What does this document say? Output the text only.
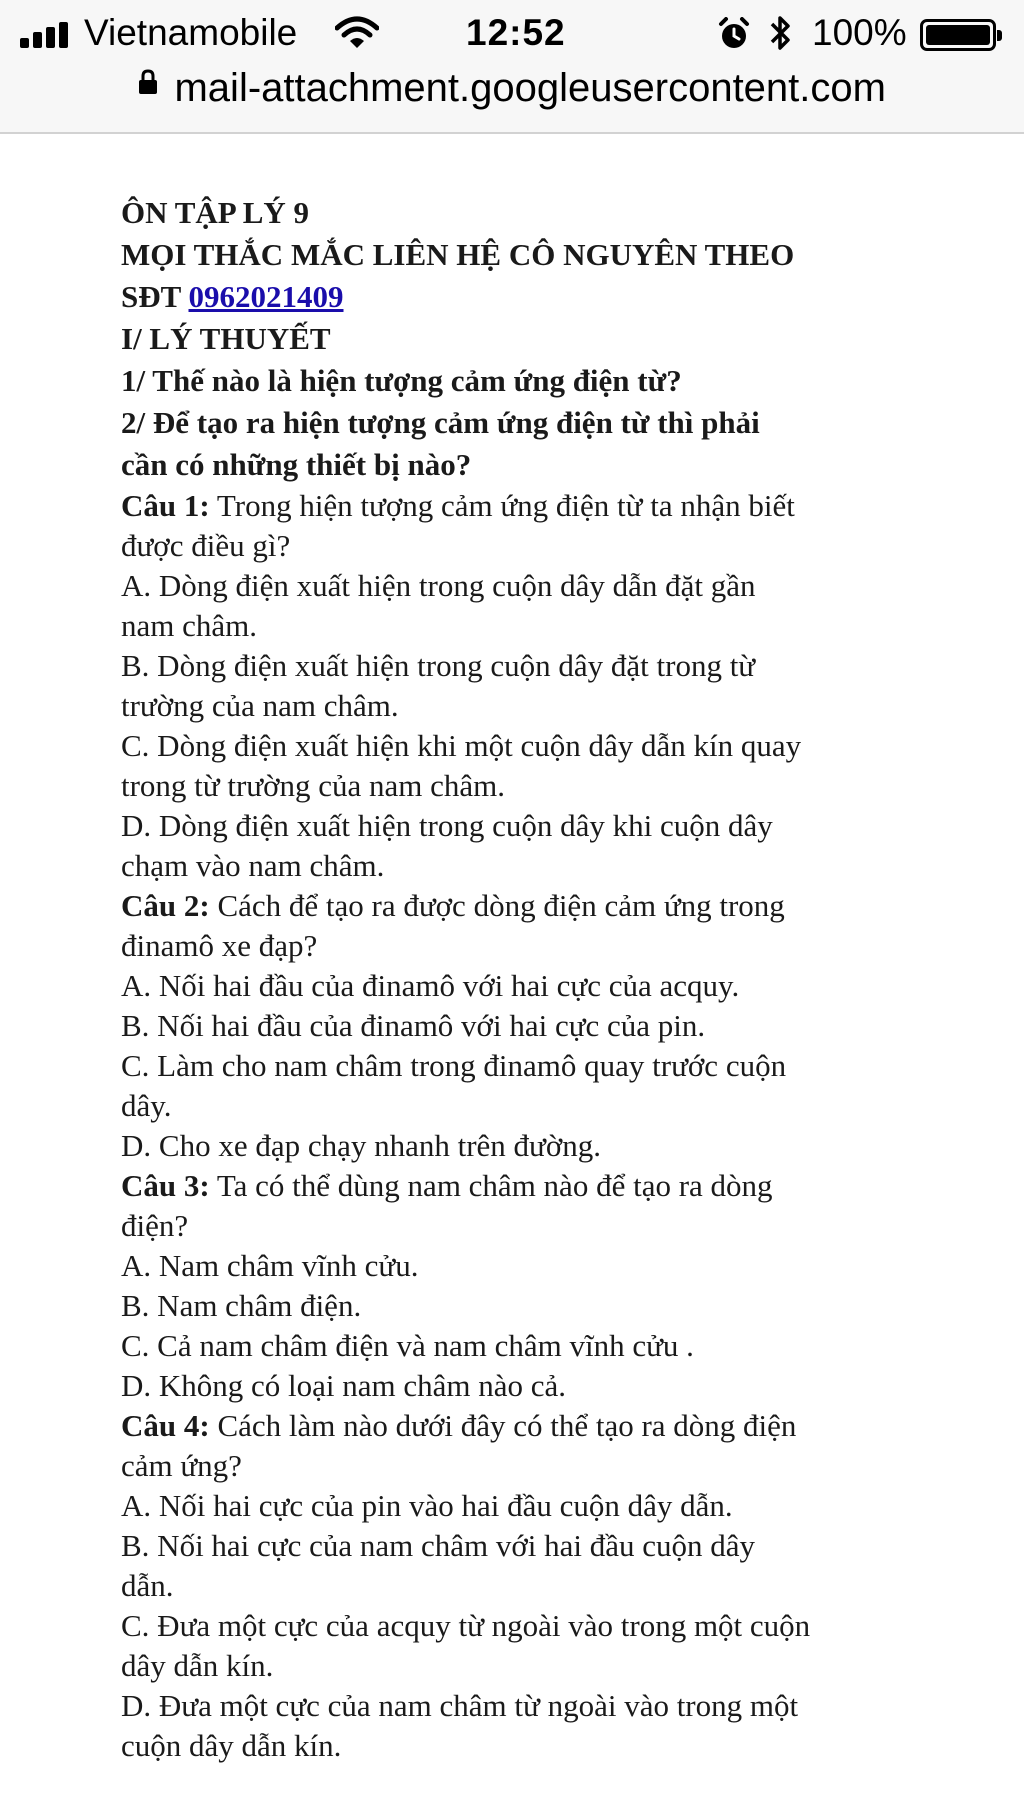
Vietnamobile	12:52	100%
mail-attachment.googleusercontent.com

ÔN TẬP LÝ 9

MỌI THẮC MẮC LIÊN HỆ CÔ NGUYÊN THEO

SĐT 0962021409

I/ LÝ THUYẾT

1/ Thế nào là hiện tượng cảm ứng điện từ?

2/ Để tạo ra hiện tượng cảm ứng điện từ thì phải

cần có những thiết bị nào?

Câu 1: Trong hiện tượng cảm ứng điện từ ta nhận biết

được điều gì?

A. Dòng điện xuất hiện trong cuộn dây dẫn đặt gần

nam châm.

B. Dòng điện xuất hiện trong cuộn dây đặt trong từ

trường của nam châm.

C. Dòng điện xuất hiện khi một cuộn dây dẫn kín quay

trong từ trường của nam châm.

D. Dòng điện xuất hiện trong cuộn dây khi cuộn dây

chạm vào nam châm.

Câu 2: Cách để tạo ra được dòng điện cảm ứng trong

đinamô xe đạp?

A. Nối hai đầu của đinamô với hai cực của acquy.

B. Nối hai đầu của đinamô với hai cực của pin.

C. Làm cho nam châm trong đinamô quay trước cuộn

dây.

D. Cho xe đạp chạy nhanh trên đường.

Câu 3: Ta có thể dùng nam châm nào để tạo ra dòng

điện?

A. Nam châm vĩnh cửu.

B. Nam châm điện.

C. Cả nam châm điện và nam châm vĩnh cửu .

D. Không có loại nam châm nào cả.

Câu 4: Cách làm nào dưới đây có thể tạo ra dòng điện

cảm ứng?

A. Nối hai cực của pin vào hai đầu cuộn dây dẫn.

B. Nối hai cực của nam châm với hai đầu cuộn dây

dẫn.

C. Đưa một cực của acquy từ ngoài vào trong một cuộn

dây dẫn kín.

D. Đưa một cực của nam châm từ ngoài vào trong một

cuộn dây dẫn kín.
